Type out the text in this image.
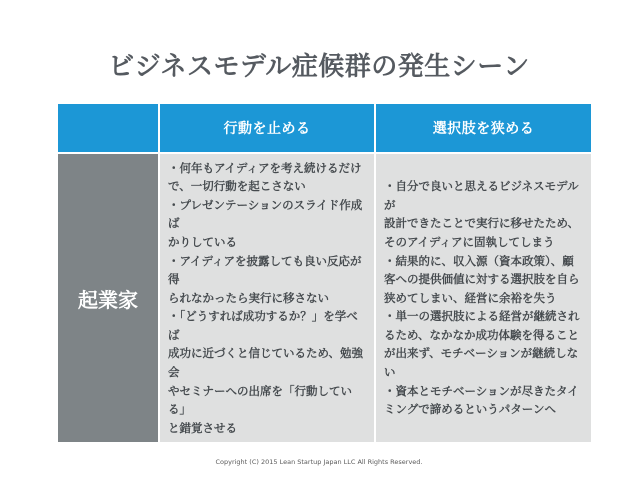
ビジネスモデル症候群の発生シーン
行動を止める	選択肢を狭める
起業家
・何年もアイディアを考え続けるだけ
で、一切行動を起こさない
・プレゼンテーションのスライド作成ば
かりしている
・アイディアを披露しても良い反応が得
られなかったら実行に移さない
・「どうすれば成功するか？」を学べば
成功に近づくと信じているため、勉強会
やセミナーへの出席を「行動している」
と錯覚させる
・自分で良いと思えるビジネスモデルが
設計できたことで実行に移せたため、
そのアイディアに固執してしまう
・結果的に、収入源（資本政策）、顧
客への提供価値に対する選択肢を自ら
狭めてしまい、経営に余裕を失う
・単一の選択肢による経営が継続され
るため、なかなか成功体験を得ること
が出来ず、モチベーションが継続しない
・資本とモチベーションが尽きたタイ
ミングで諦めるというパターンへ
Copyright (C) 2015 Lean Startup Japan LLC All Rights Reserved.
